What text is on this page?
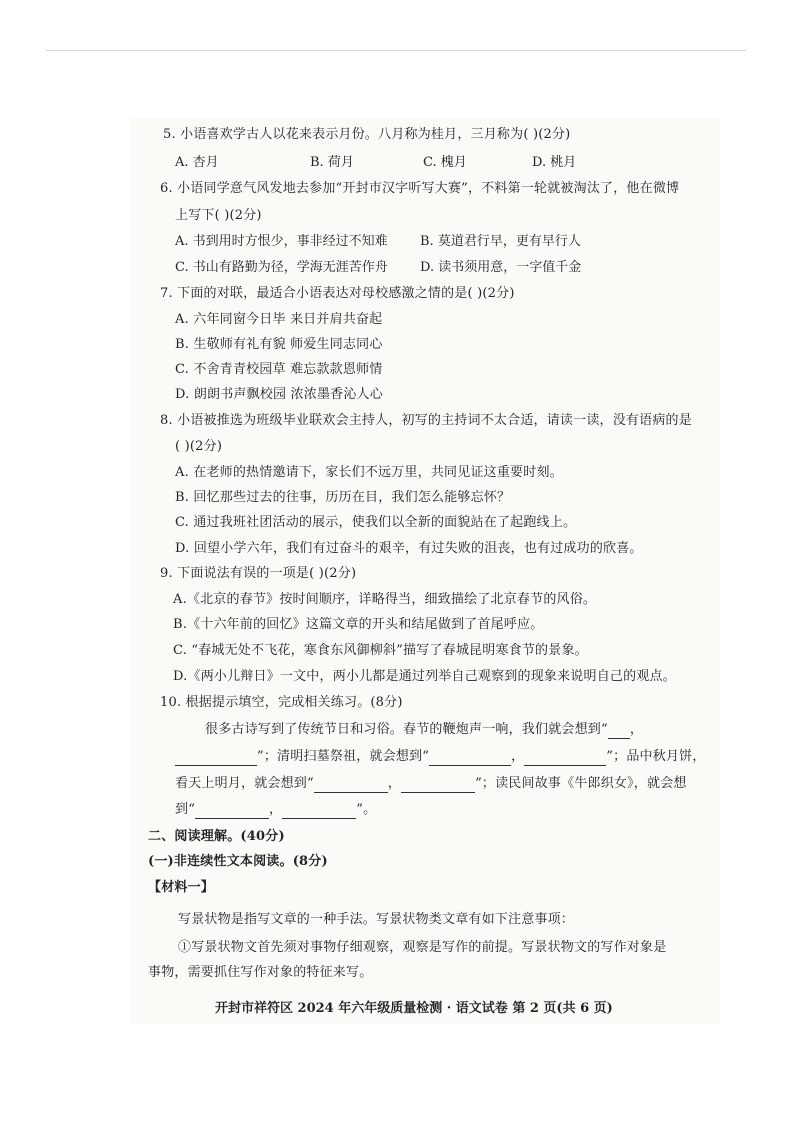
5. 小语喜欢学古人以花来表示月份。八月称为桂月，三月称为( )(2分)
A. 杏月	B. 荷月	C. 槐月	D. 桃月
6. 小语同学意气风发地去参加“开封市汉字听写大赛”，不料第一轮就被淘汰了，他在微博
上写下( )(2分)
A. 书到用时方恨少，事非经过不知难 B. 莫道君行早，更有早行人
C. 书山有路勤为径，学海无涯苦作舟 D. 读书须用意，一字值千金
7. 下面的对联，最适合小语表达对母校感激之情的是( )(2分)
A. 六年同窗今日毕 来日并肩共奋起
B. 生敬师有礼有貌 师爱生同志同心
C. 不舍青青校园草 难忘款款恩师情
D. 朗朗书声飘校园 浓浓墨香沁人心
8. 小语被推选为班级毕业联欢会主持人，初写的主持词不太合适，请读一读，没有语病的是
( )(2分)
A. 在老师的热情邀请下，家长们不远万里，共同见证这重要时刻。
B. 回忆那些过去的往事，历历在目，我们怎么能够忘怀？
C. 通过我班社团活动的展示，使我们以全新的面貌站在了起跑线上。
D. 回望小学六年，我们有过奋斗的艰辛，有过失败的沮丧，也有过成功的欣喜。
9. 下面说法有误的一项是( )(2分)
A.《北京的春节》按时间顺序，详略得当，细致描绘了北京春节的风俗。
B.《十六年前的回忆》这篇文章的开头和结尾做到了首尾呼应。
C. “春城无处不飞花，寒食东风御柳斜”描写了春城昆明寒食节的景象。
D.《两小儿辩日》一文中，两小儿都是通过列举自己观察到的现象来说明自己的观点。
10. 根据提示填空，完成相关练习。(8分)
很多古诗写到了传统节日和习俗。春节的鞭炮声一响，我们就会想到“ ，
”；清明扫墓祭祖，就会想到“	，	”；品中秋月饼，
看天上明月，就会想到“	，	”；读民间故事《牛郎织女》，就会想
到“	，	”。
二、阅读理解。(40分)
(一)非连续性文本阅读。(8分)
【材料一】
写景状物是指写文章的一种手法。写景状物类文章有如下注意事项：
①写景状物文首先须对事物仔细观察，观察是写作的前提。写景状物文的写作对象是
事物，需要抓住写作对象的特征来写。
开封市祥符区 2024 年六年级质量检测 · 语文试卷 第 2 页(共 6 页)
